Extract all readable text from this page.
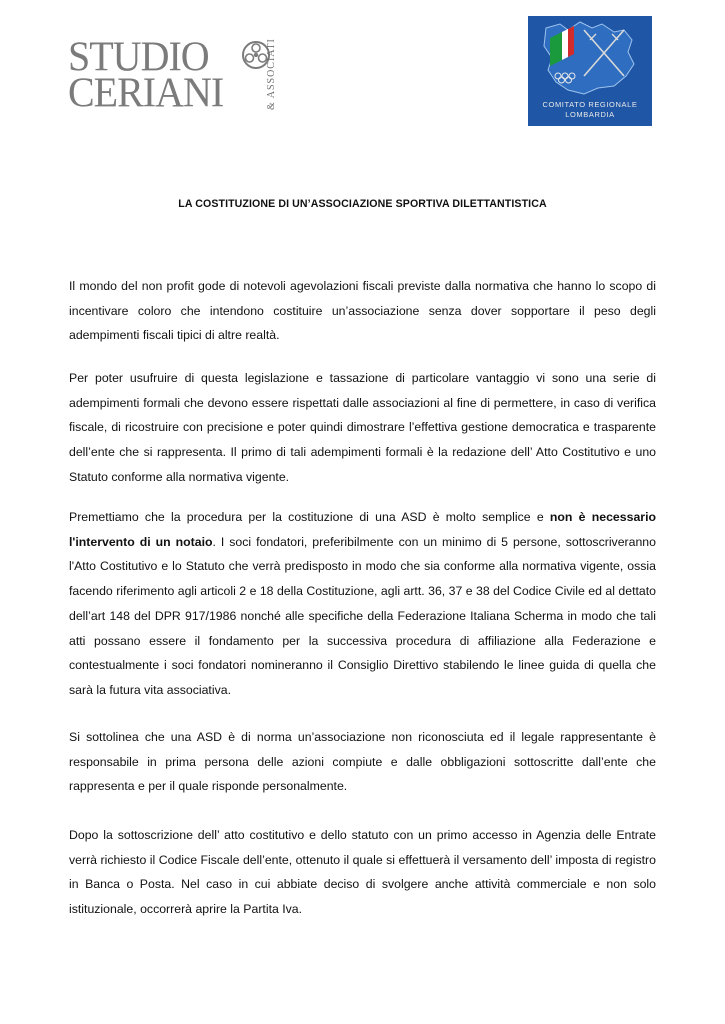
STUDIO
CERIANI	& ASSOCIATI	COMITATO REGIONALE
LOMBARDIA
LA COSTITUZIONE DI UN’ASSOCIAZIONE SPORTIVA DILETTANTISTICA

Il mondo del non profit gode di notevoli agevolazioni fiscali previste dalla normativa che hanno lo scopo di incentivare coloro che intendono costituire un’associazione senza dover sopportare il peso degli adempimenti fiscali tipici di altre realtà.

Per poter usufruire di questa legislazione e tassazione di particolare vantaggio vi sono una serie di adempimenti formali che devono essere rispettati dalle associazioni al fine di permettere, in caso di verifica fiscale, di ricostruire con precisione e poter quindi dimostrare l’effettiva gestione democratica e trasparente dell’ente che si rappresenta. Il primo di tali adempimenti formali è la redazione dell’ Atto Costitutivo e uno Statuto conforme alla normativa vigente.

Premettiamo che la procedura per la costituzione di una ASD è molto semplice e non è necessario l'intervento di un notaio. I soci fondatori, preferibilmente con un minimo di 5 persone, sottoscriveranno l'Atto Costitutivo e lo Statuto che verrà predisposto in modo che sia conforme alla normativa vigente, ossia facendo riferimento agli articoli 2 e 18 della Costituzione, agli artt. 36, 37 e 38 del Codice Civile ed al dettato dell’art 148 del DPR 917/1986 nonché alle specifiche della Federazione Italiana Scherma in modo che tali atti possano essere il fondamento per la successiva procedura di affiliazione alla Federazione e contestualmente i soci fondatori nomineranno il Consiglio Direttivo stabilendo le linee guida di quella che sarà la futura vita associativa.

Si sottolinea che una ASD è di norma un’associazione non riconosciuta ed il legale rappresentante è responsabile in prima persona delle azioni compiute e dalle obbligazioni sottoscritte dall’ente che rappresenta e per il quale risponde personalmente.

Dopo la sottoscrizione dell’ atto costitutivo e dello statuto con un primo accesso in Agenzia delle Entrate verrà richiesto il Codice Fiscale dell’ente, ottenuto il quale si effettuerà il versamento dell’ imposta di registro in Banca o Posta. Nel caso in cui abbiate deciso di svolgere anche attività commerciale e non solo istituzionale, occorrerà aprire la Partita Iva.
